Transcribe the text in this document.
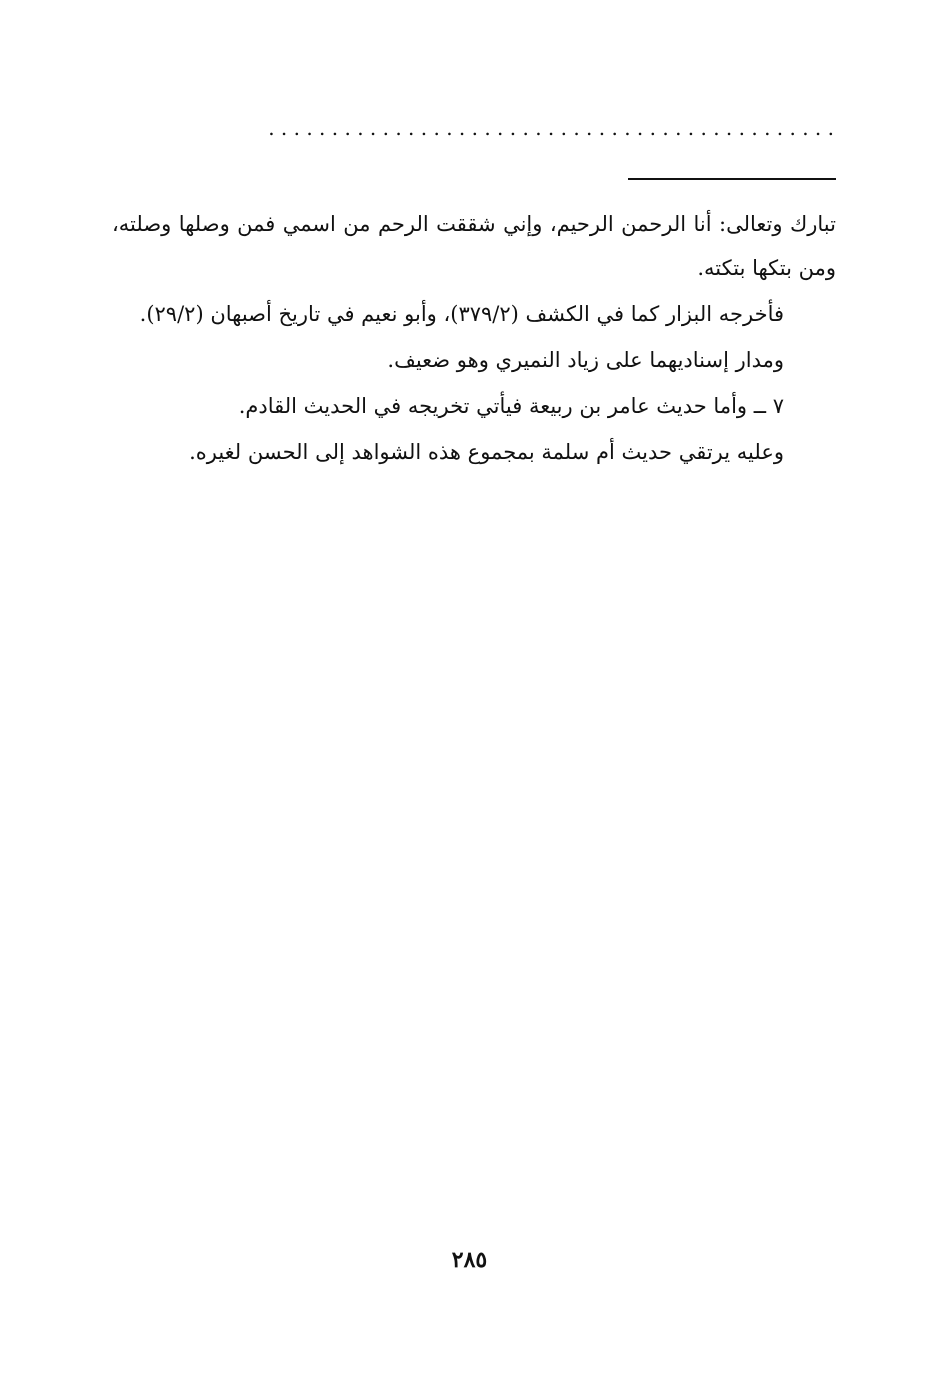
. . . . . . . . . . . . . . . . . . . . . . . . . . . . . . . . . . . . . . . . . . . . .

تبارك وتعالى: أنا الرحمن الرحيم، وإني شققت الرحم من اسمي فمن وصلها وصلته، ومن بتكها بتكته.

فأخرجه البزار كما في الكشف (٣٧٩/٢)، وأبو نعيم في تاريخ أصبهان (٢٩/٢).

ومدار إسناديهما على زياد النميري وهو ضعيف.

٧ ــ وأما حديث عامر بن ربيعة فيأتي تخريجه في الحديث القادم.

وعليه يرتقي حديث أم سلمة بمجموع هذه الشواهد إلى الحسن لغيره.

٢٨٥
